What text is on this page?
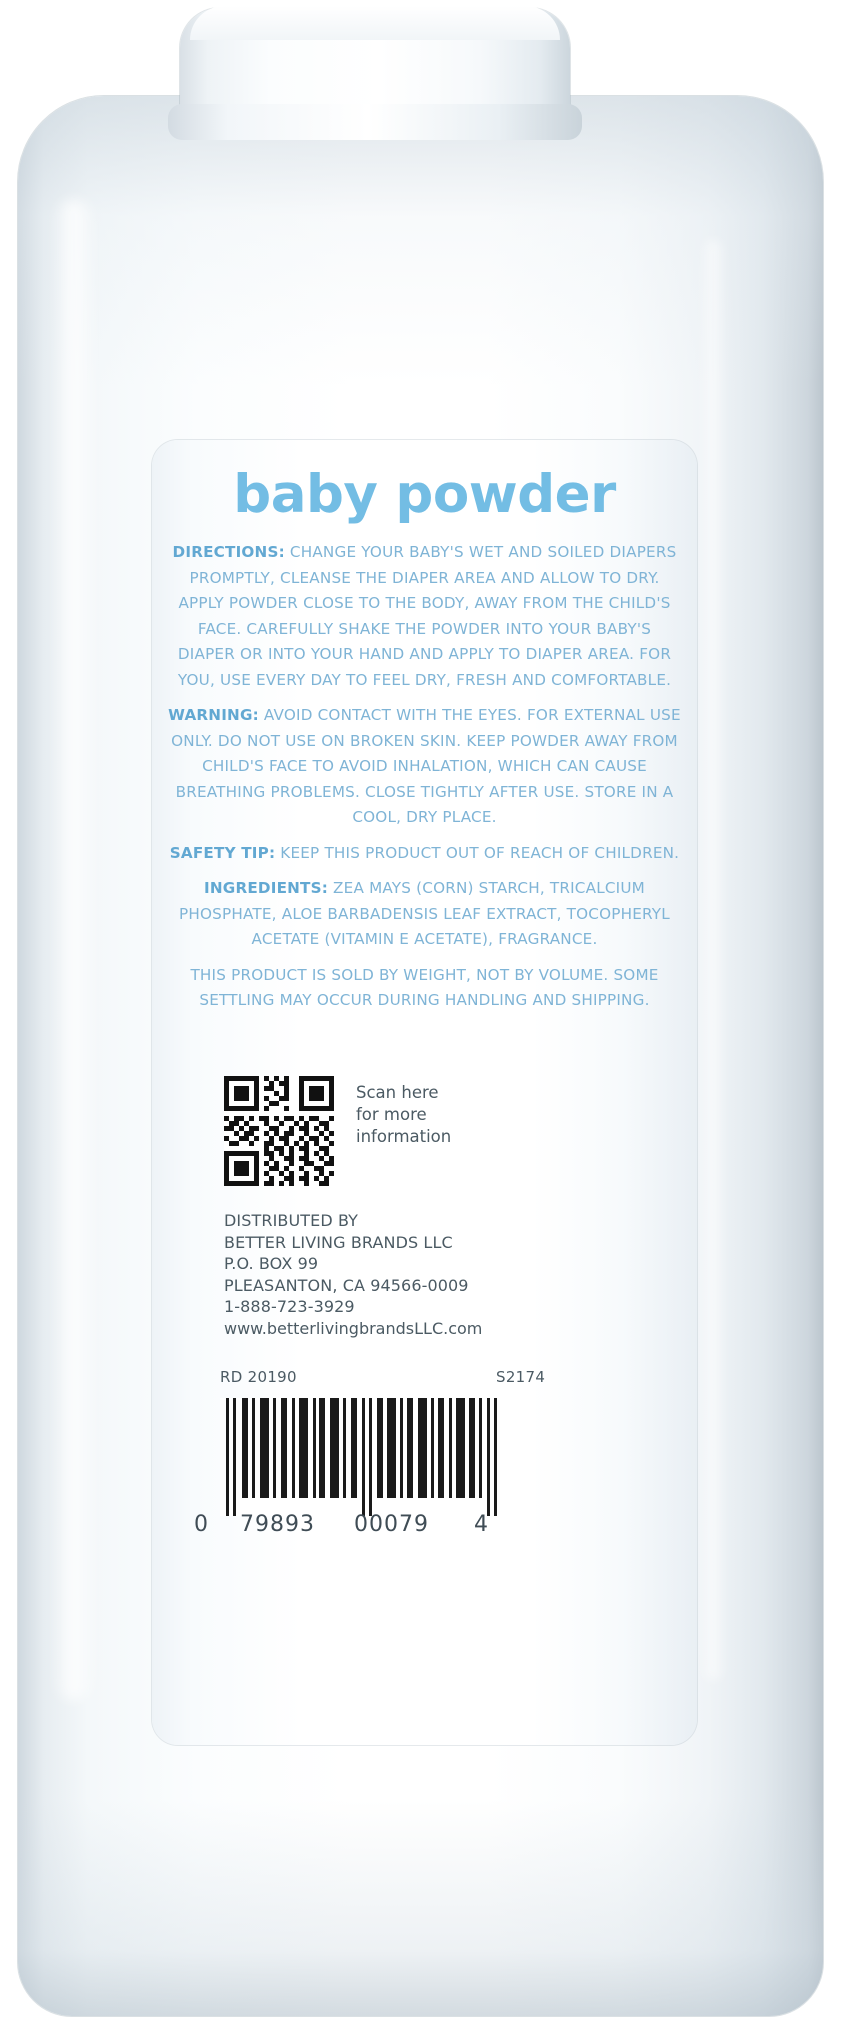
baby powder

DIRECTIONS: CHANGE YOUR BABY'S WET AND SOILED DIAPERS PROMPTLY, CLEANSE THE DIAPER AREA AND ALLOW TO DRY. APPLY POWDER CLOSE TO THE BODY, AWAY FROM THE CHILD'S FACE. CAREFULLY SHAKE THE POWDER INTO YOUR BABY'S DIAPER OR INTO YOUR HAND AND APPLY TO DIAPER AREA. FOR YOU, USE EVERY DAY TO FEEL DRY, FRESH AND COMFORTABLE.

WARNING: AVOID CONTACT WITH THE EYES. FOR EXTERNAL USE ONLY. DO NOT USE ON BROKEN SKIN. KEEP POWDER AWAY FROM CHILD'S FACE TO AVOID INHALATION, WHICH CAN CAUSE BREATHING PROBLEMS. CLOSE TIGHTLY AFTER USE. STORE IN A COOL, DRY PLACE.

SAFETY TIP: KEEP THIS PRODUCT OUT OF REACH OF CHILDREN.

INGREDIENTS: ZEA MAYS (CORN) STARCH, TRICALCIUM PHOSPHATE, ALOE BARBADENSIS LEAF EXTRACT, TOCOPHERYL ACETATE (VITAMIN E ACETATE), FRAGRANCE.

THIS PRODUCT IS SOLD BY WEIGHT, NOT BY VOLUME. SOME SETTLING MAY OCCUR DURING HANDLING AND SHIPPING.

Scan here
for more
information
DISTRIBUTED BY
BETTER LIVING BRANDS LLC
P.O. BOX 99
PLEASANTON, CA 94566-0009
1-888-723-3929
www.betterlivingbrandsLLC.com
RD 20190	S2174
0 79893 00079 4
